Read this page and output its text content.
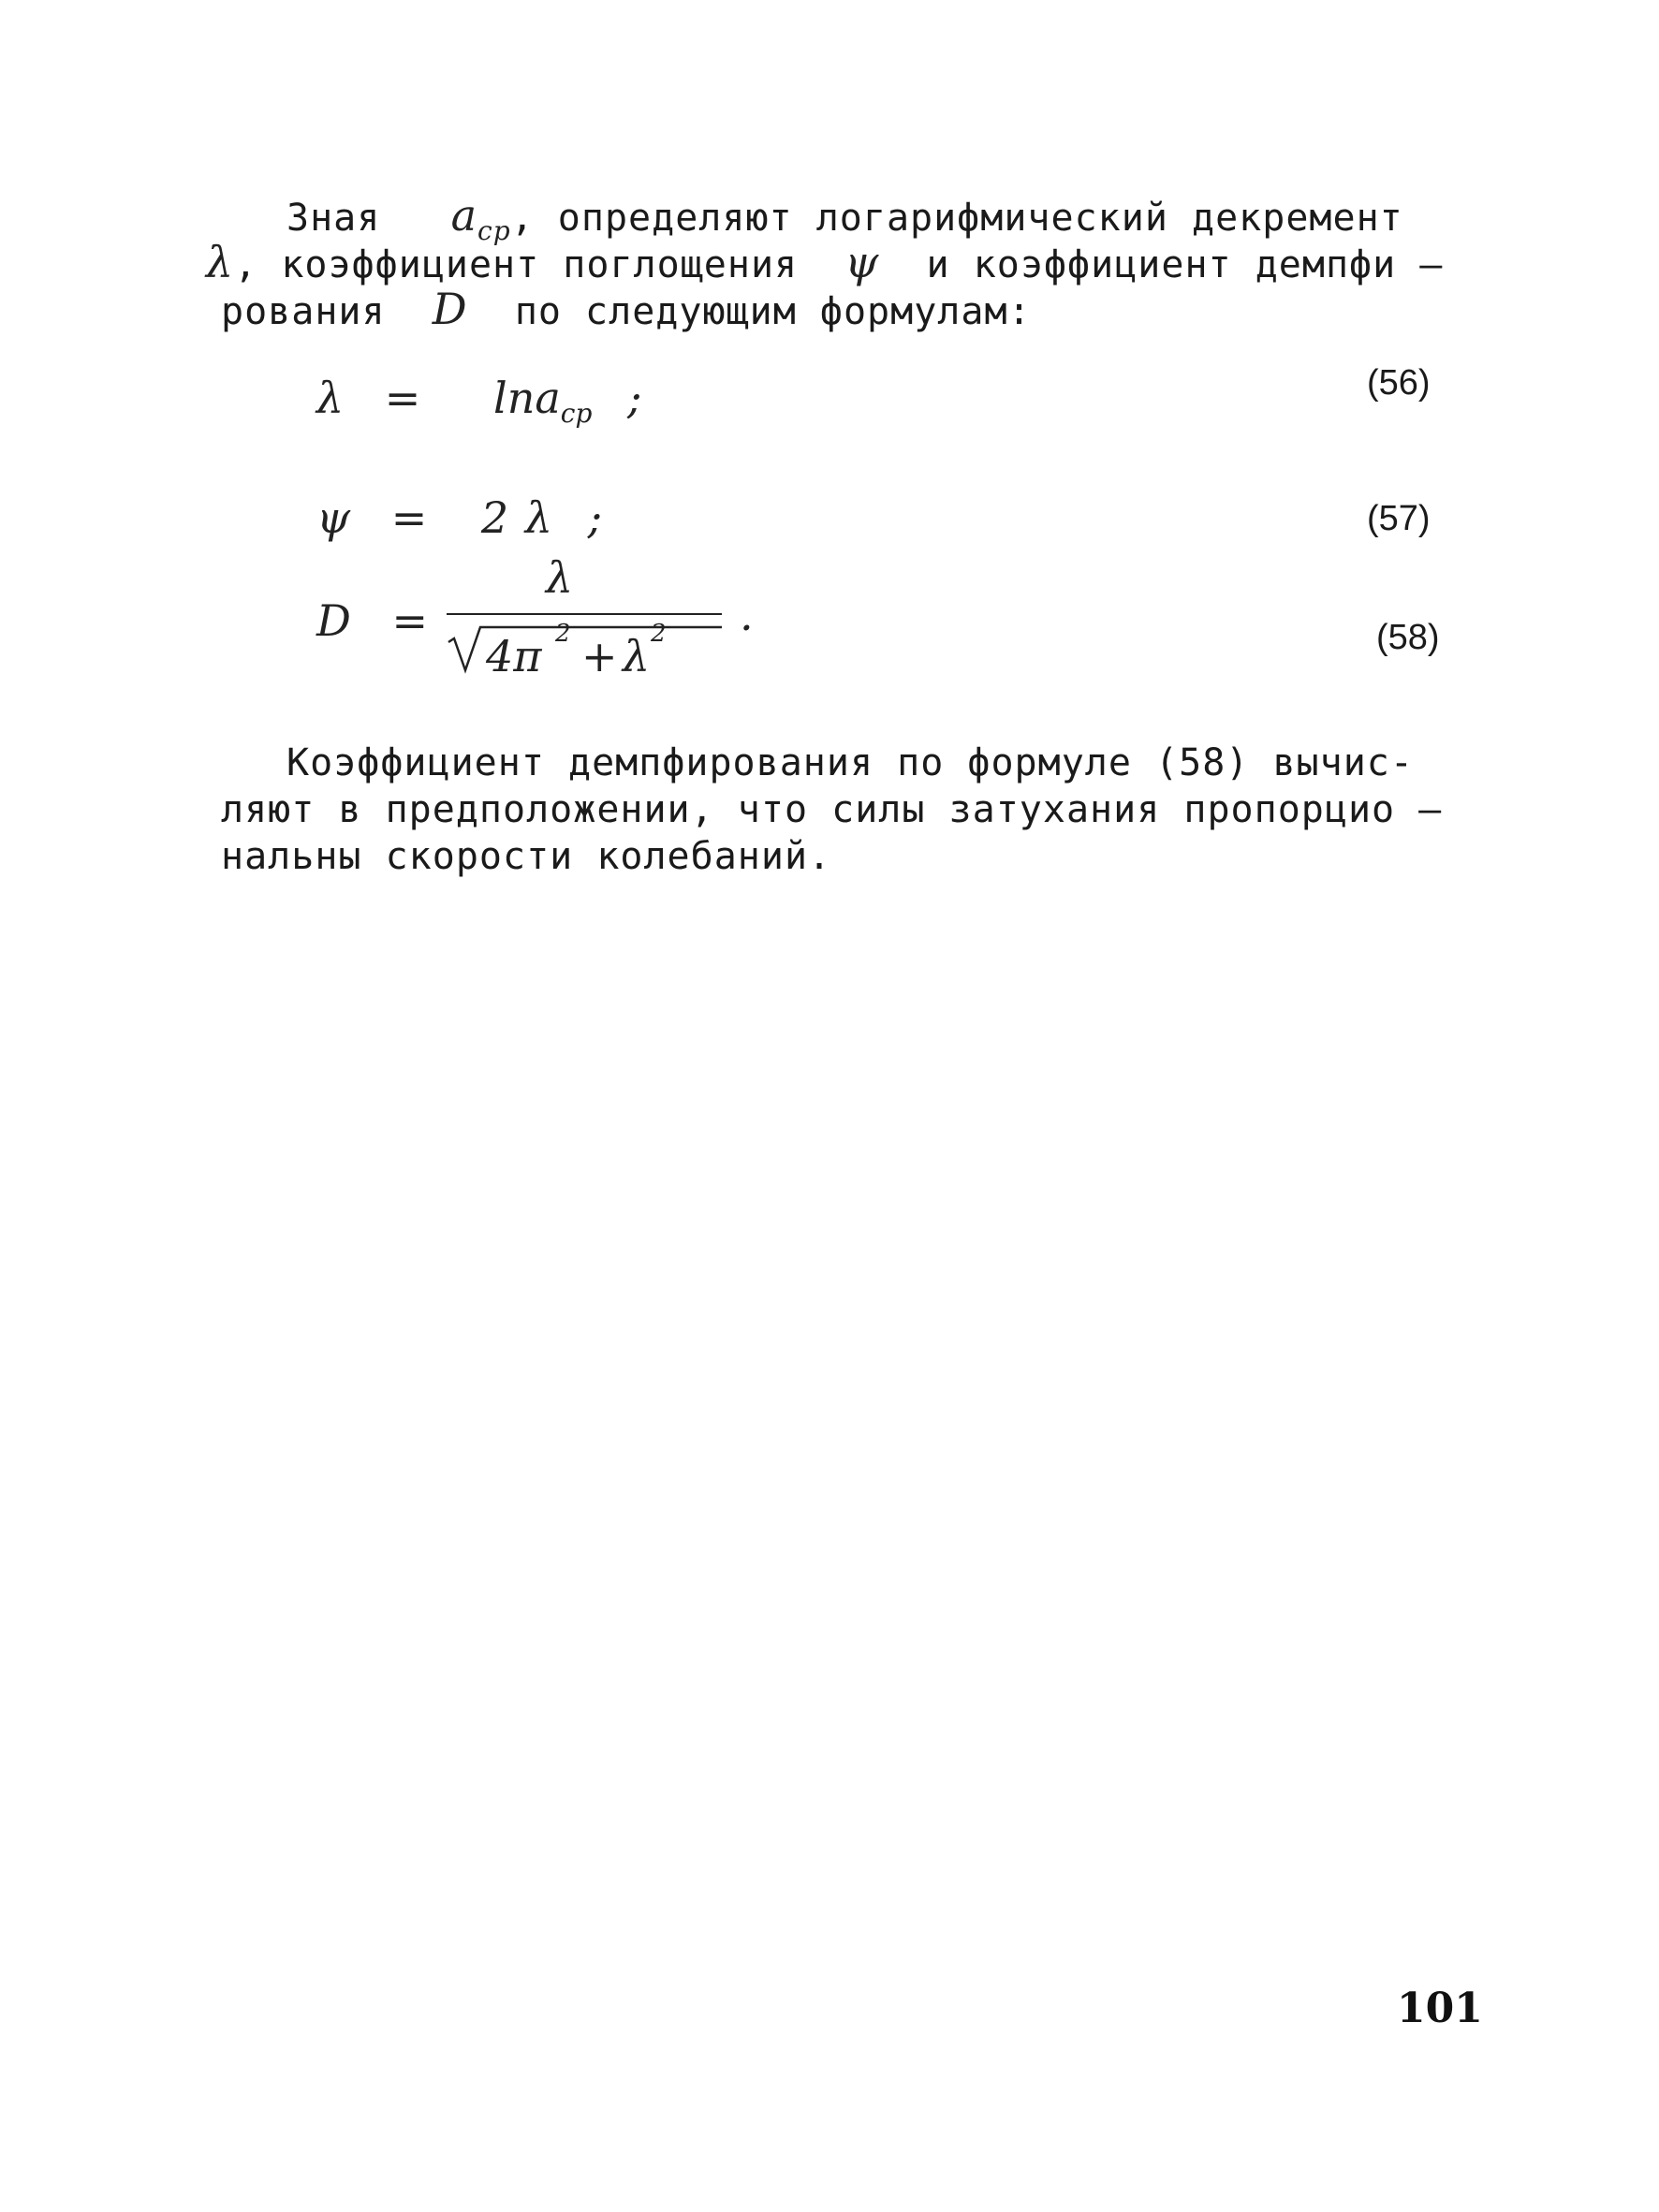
Зная $a_{ср}$, определяют логарифмический декремент
λ, коэффициент поглощения ψ и коэффициент демпфи –
рования D по следующим формулам:
λ = lnaср ;	(56)
ψ = 2 λ ;	(57)
D =
λ
4π 2 + λ 2 .	(58)
Коэффициент демпфирования по формуле (58) вычис-
ляют в предположении, что силы затухания пропорцио –
нальны скорости колебаний.
101
